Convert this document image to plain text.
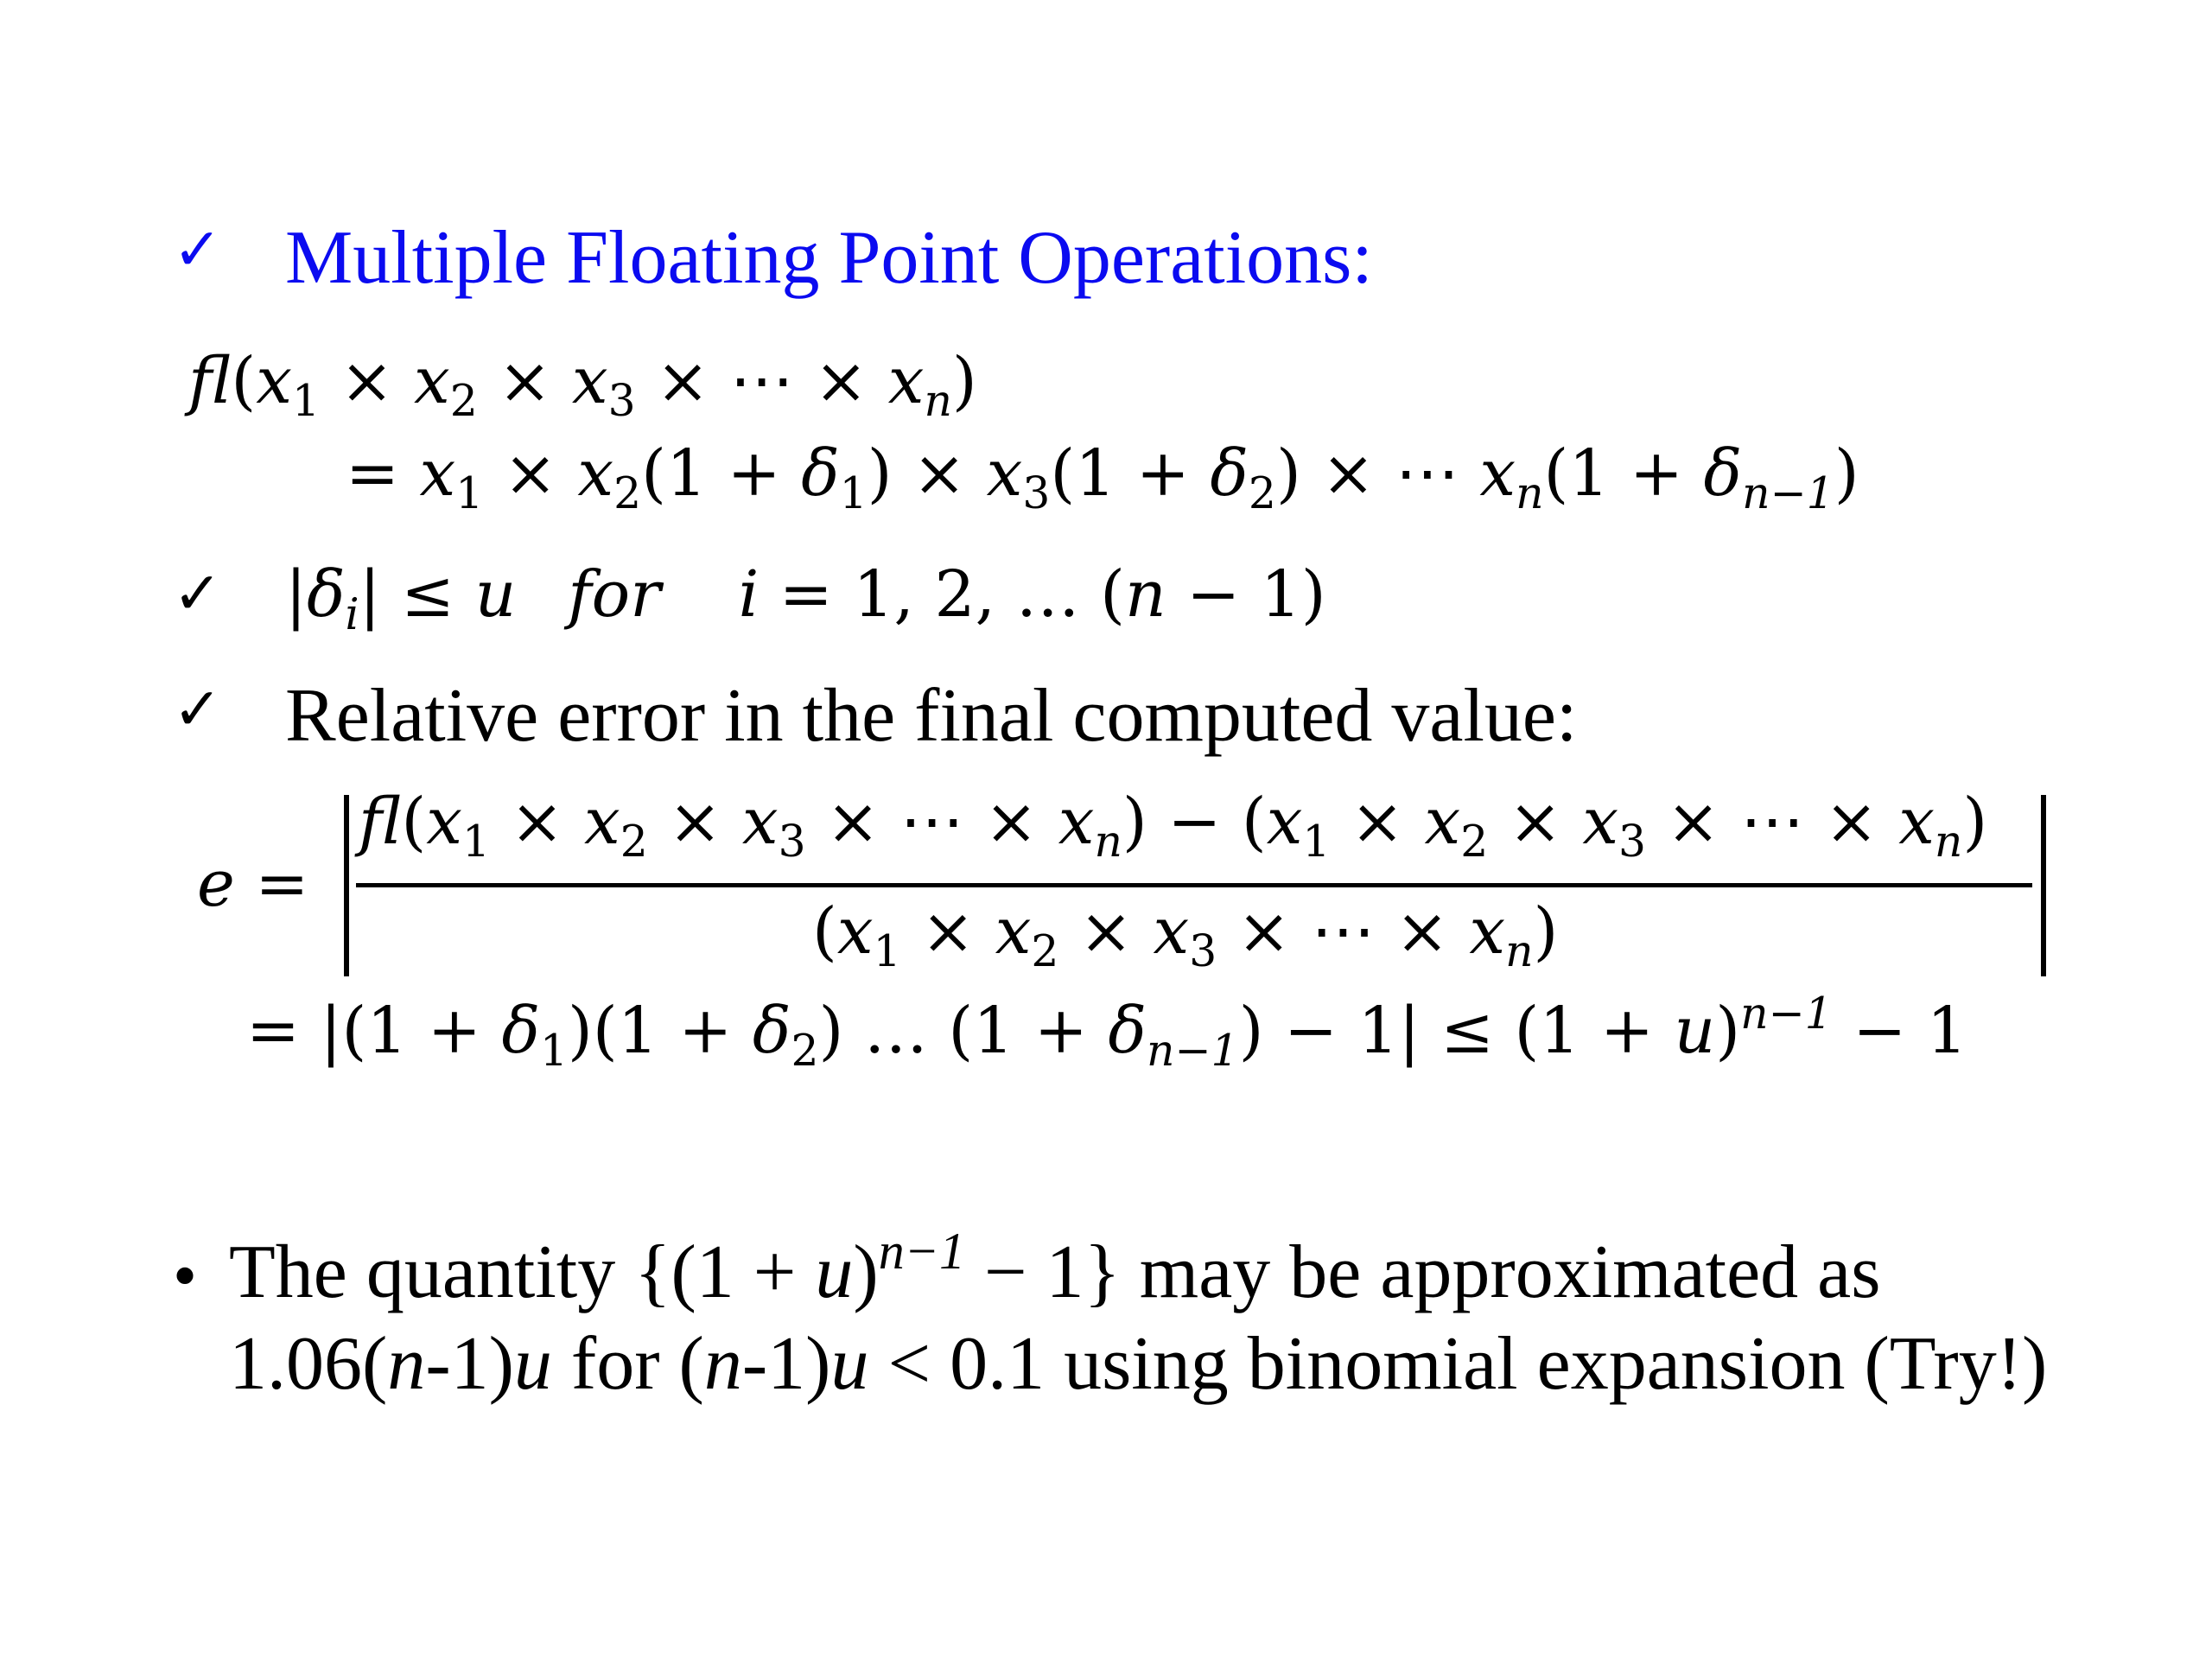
✓ Multiple Floating Point Operations:
$fl(x_1 \times x_2 \times x_3$ × ⋯ × $x_n$)
= $x_1 \times x_2(1 + \delta_1) \times x_3(1 + \delta_2)$ × ⋯ $x_n(1 + \delta_{n-1})$
✓ $|\delta_i| \le u$ for i = 1, 2, … (n − 1)
✓ Relative error in the final computed value:
e =
$fl(x_1 \times x_2 \times x_3$ × ⋯ × $x_n) - (x_1 \times x_2 \times x_3$ × ⋯ × $x_n$)
($x_1 \times x_2 \times x_3$ × ⋯ × $x_n$)
= $|(1 + \delta_1)(1 + \delta_2)$ … $(1 + \delta_{n-1}) - 1| \le (1 + u)^{n-1} - 1$
• The quantity $\{(1 + u)^{n-1} - 1\}$ may be approximated as
1.06(n-1)u for (n-1)u < 0.1 using binomial expansion (Try!)
